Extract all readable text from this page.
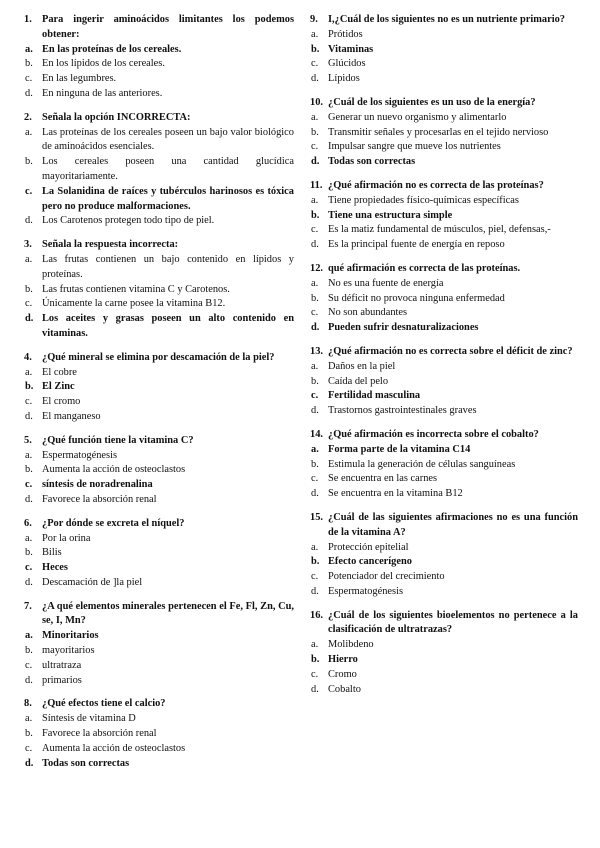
1. Para ingerir aminoácidos limitantes los podemos obtener:
a. En las proteínas de los cereales.
b. En los lípidos de los cereales.
c. En las legumbres.
d. En ninguna de las anteriores.
2. Señala la opción INCORRECTA:
a. Las proteínas de los cereales poseen un bajo valor biológico de aminoácidos esenciales.
b. Los cereales poseen una cantidad glucídica mayoritariamente.
c. La Solanidina de raíces y tubérculos harinosos es tóxica pero no produce malformaciones.
d. Los Carotenos protegen todo tipo de piel.
3. Señala la respuesta incorrecta:
a. Las frutas contienen un bajo contenido en lípidos y proteínas.
b. Las frutas contienen vitamina C y Carotenos.
c. Únicamente la carne posee la vitamina B12.
d. Los aceites y grasas poseen un alto contenido en vitaminas.
4. ¿Qué mineral se elimina por descamación de la piel?
a. El cobre
b. El Zinc
c. El cromo
d. El manganeso
5. ¿Qué función tiene la vitamina C?
a. Espermatogénesis
b. Aumenta la acción de osteoclastos
c. síntesis de noradrenalina
d. Favorece la absorción renal
6. ¿Por dónde se excreta el níquel?
a. Por la orina
b. Bilis
c. Heces
d. Descamación de ]la piel
7. ¿A qué elementos minerales pertenecen el Fe, Fl, Zn, Cu, se, I, Mn?
a. Minoritarios
b. mayoritarios
c. ultratraza
d. primarios
8. ¿Qué efectos tiene el calcio?
a. Síntesis de vitamina D
b. Favorece la absorción renal
c. Aumenta la acción de osteoclastos
d. Todas son correctas
9. I,¿Cuál de los siguientes no es un nutriente primario?
a. Prótidos
b. Vitaminas
c. Glúcidos
d. Lípidos
10. ¿Cuál de los siguientes es un uso de la energía?
a. Generar un nuevo organismo y alimentarlo
b. Transmitir señales y procesarlas en el tejido nervioso
c. Impulsar sangre que mueve los nutrientes
d. Todas son correctas
11. ¿Qué afirmación no es correcta de las proteínas?
a. Tiene propiedades físico-químicas específicas
b. Tiene una estructura simple
c. Es la matiz fundamental de músculos, piel, defensas,-
d. Es la principal fuente de energía en reposo
12. qué afirmación es correcta de las proteínas.
a. No es una fuente de energía
b. Su déficit no provoca ninguna enfermedad
c. No son abundantes
d. Pueden sufrir desnaturalizaciones
13. ¿Qué afirmación no es correcta sobre el déficit de zinc?
a. Daños en la piel
b. Caída del pelo
c. Fertilidad masculina
d. Trastornos gastrointestinales graves
14. ¿Qué afirmación es incorrecta sobre el cobalto?
a. Forma parte de la vitamina C14
b. Estimula la generación de células sanguíneas
c. Se encuentra en las carnes
d. Se encuentra en la vitamina B12
15. ¿Cuál de las siguientes afirmaciones no es una función de la vitamina A?
a. Protección epitelial
b. Efecto cancerígeno
c. Potenciador del crecimiento
d. Espermatogénesis
16. ¿Cuál de los siguientes bioelementos no pertenece a la clasificación de ultratrazas?
a. Molibdeno
b. Hierro
c. Cromo
d. Cobalto
